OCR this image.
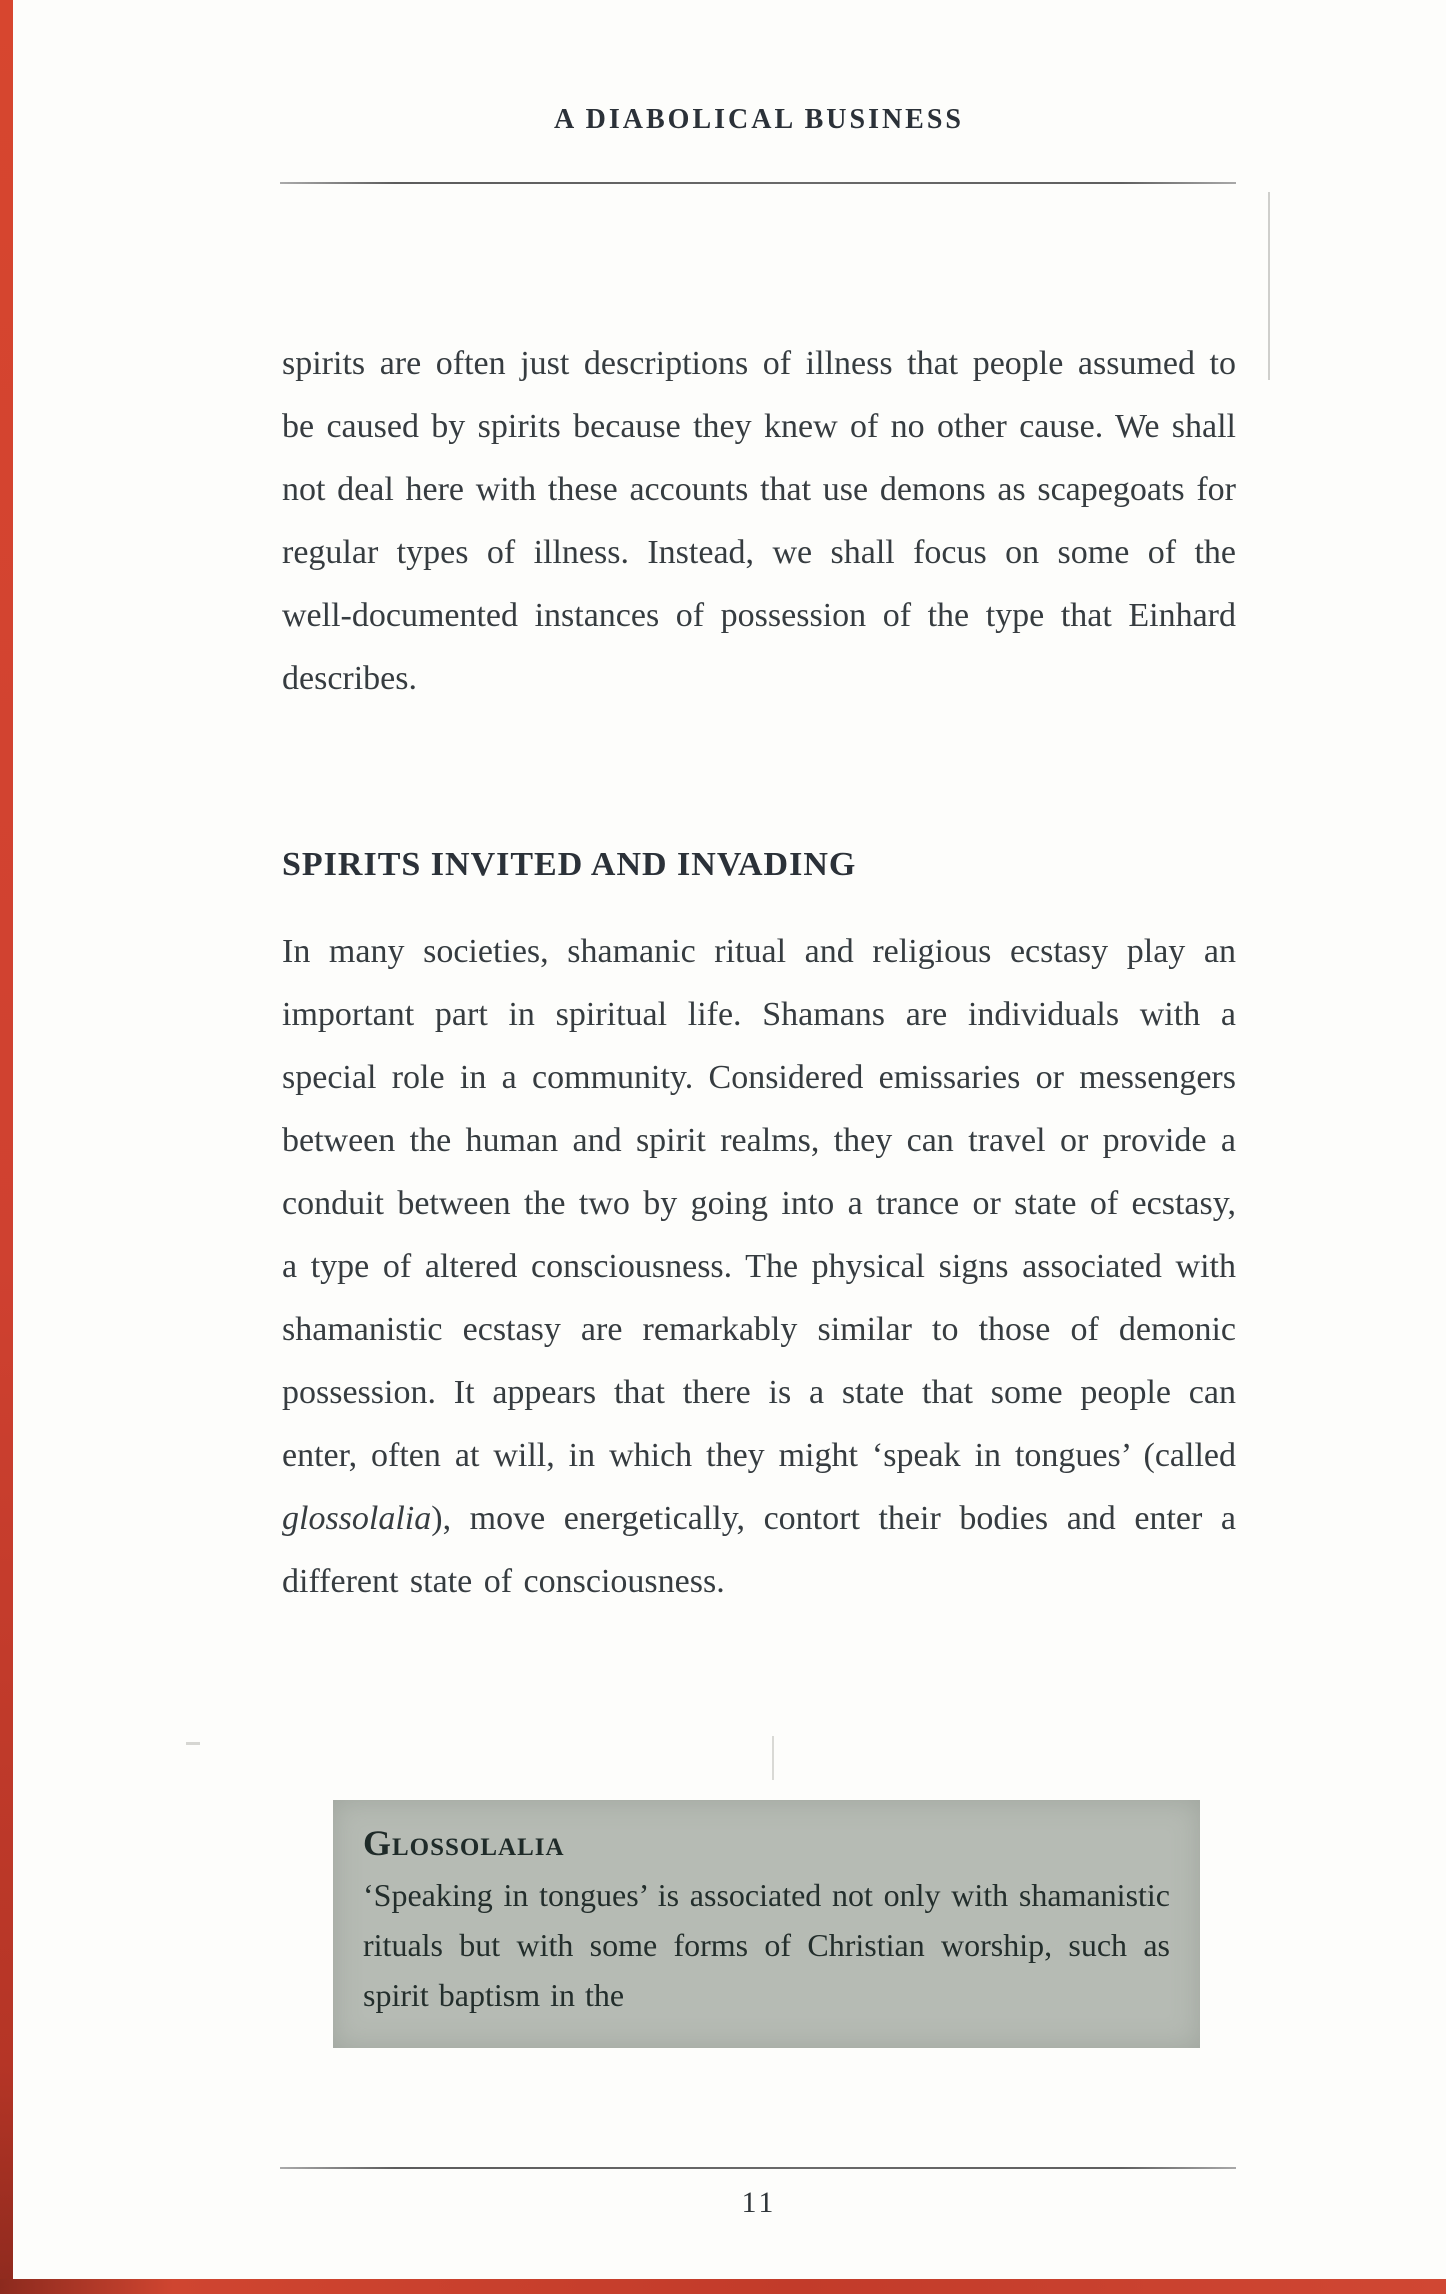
A DIABOLICAL BUSINESS

spirits are often just descriptions of illness that people assumed to be caused by spirits because they knew of no other cause. We shall not deal here with these accounts that use demons as scapegoats for regular types of illness. Instead, we shall focus on some of the well-documented instances of possession of the type that Einhard describes.

SPIRITS INVITED AND INVADING

In many societies, shamanic ritual and religious ecstasy play an important part in spiritual life. Shamans are individuals with a special role in a community. Considered emissaries or messengers between the human and spirit realms, they can travel or provide a conduit between the two by going into a trance or state of ecstasy, a type of altered consciousness. The physical signs associated with shamanistic ecstasy are remarkably similar to those of demonic possession. It appears that there is a state that some people can enter, often at will, in which they might ‘speak in tongues’ (called glossolalia), move energetically, contort their bodies and enter a different state of consciousness.

Glossolalia

‘Speaking in tongues’ is associated not only with shamanistic rituals but with some forms of Christian worship, such as spirit baptism in the

11
